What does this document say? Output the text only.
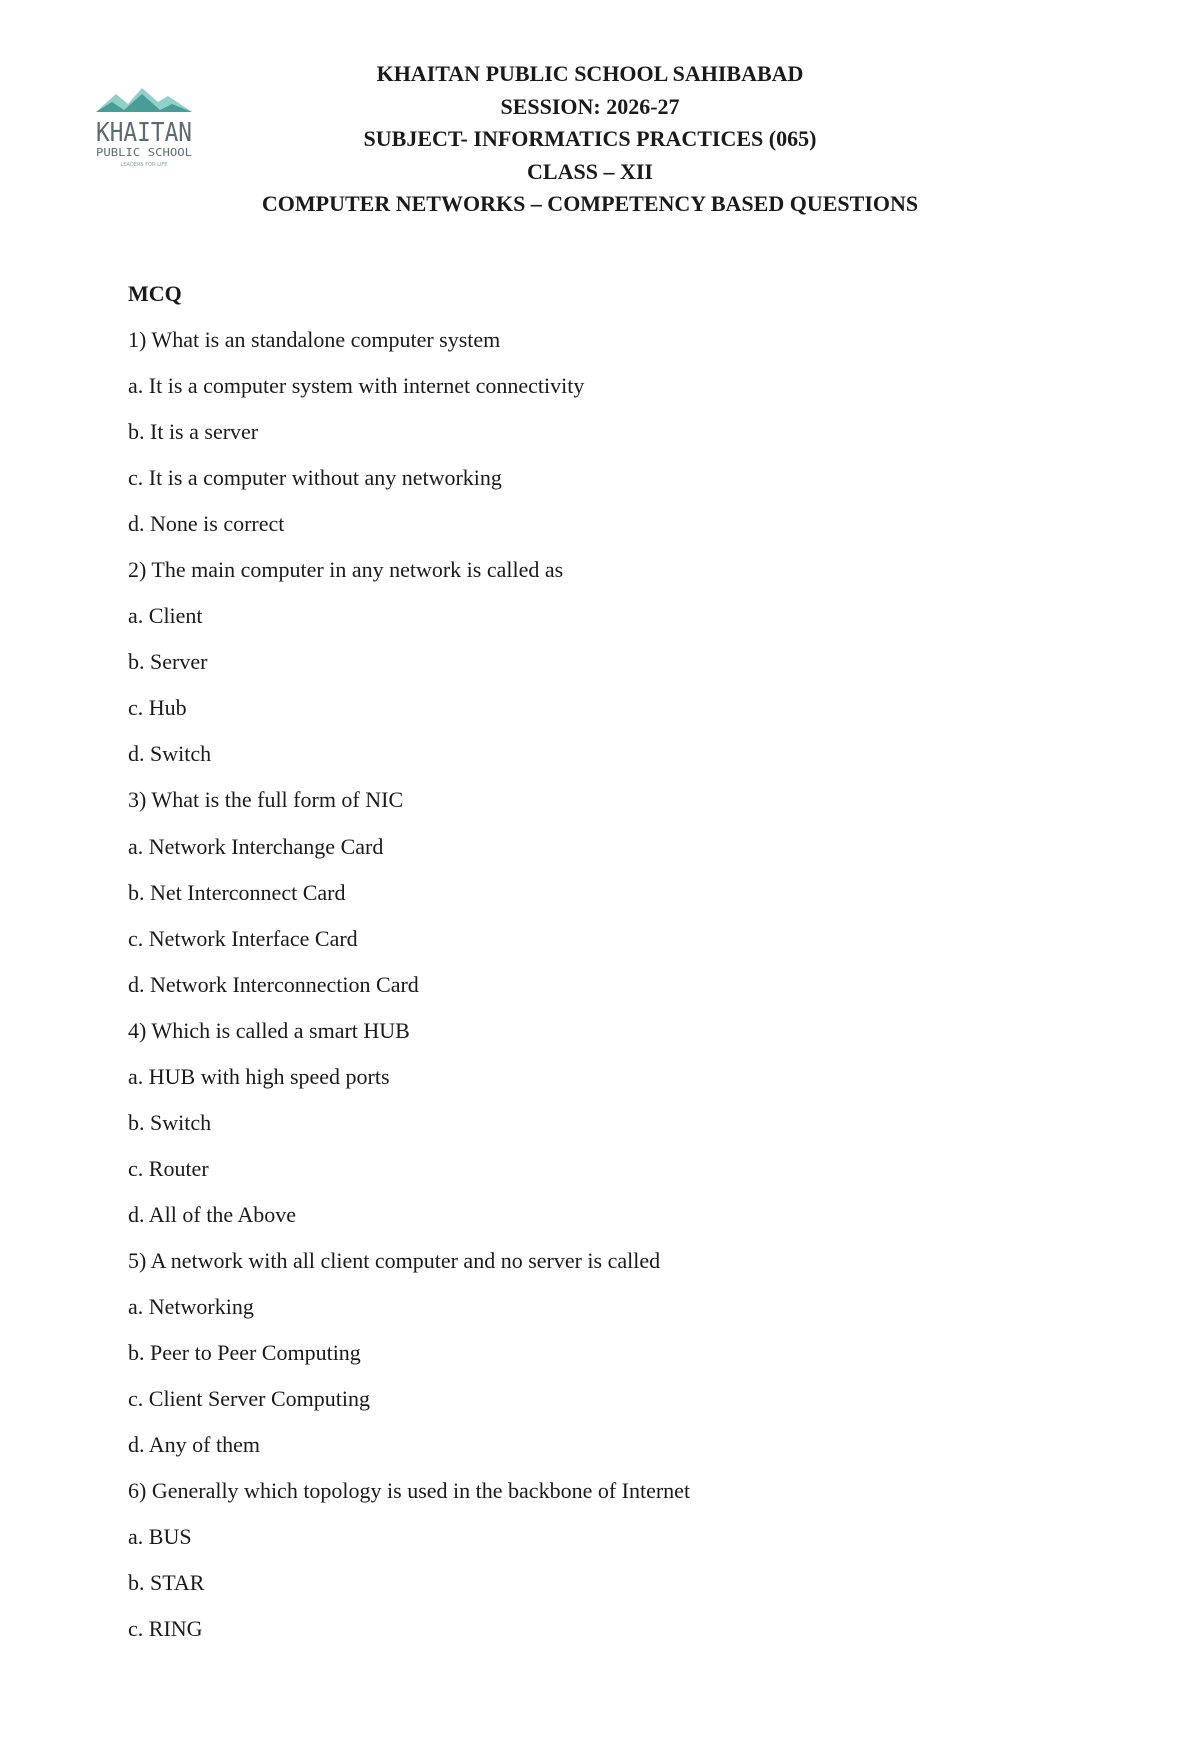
KHAITAN
PUBLIC SCHOOL
LEADERS FOR LIFE
KHAITAN PUBLIC SCHOOL SAHIBABAD
SESSION: 2026-27
SUBJECT- INFORMATICS PRACTICES (065)
CLASS – XII
COMPUTER NETWORKS – COMPETENCY BASED QUESTIONS
MCQ
1) What is an standalone computer system
a. It is a computer system with internet connectivity
b. It is a server
c. It is a computer without any networking
d. None is correct
2) The main computer in any network is called as
a. Client
b. Server
c. Hub
d. Switch
3) What is the full form of NIC
a. Network Interchange Card
b. Net Interconnect Card
c. Network Interface Card
d. Network Interconnection Card
4) Which is called a smart HUB
a. HUB with high speed ports
b. Switch
c. Router
d. All of the Above
5) A network with all client computer and no server is called
a. Networking
b. Peer to Peer Computing
c. Client Server Computing
d. Any of them
6) Generally which topology is used in the backbone of Internet
a. BUS
b. STAR
c. RING
